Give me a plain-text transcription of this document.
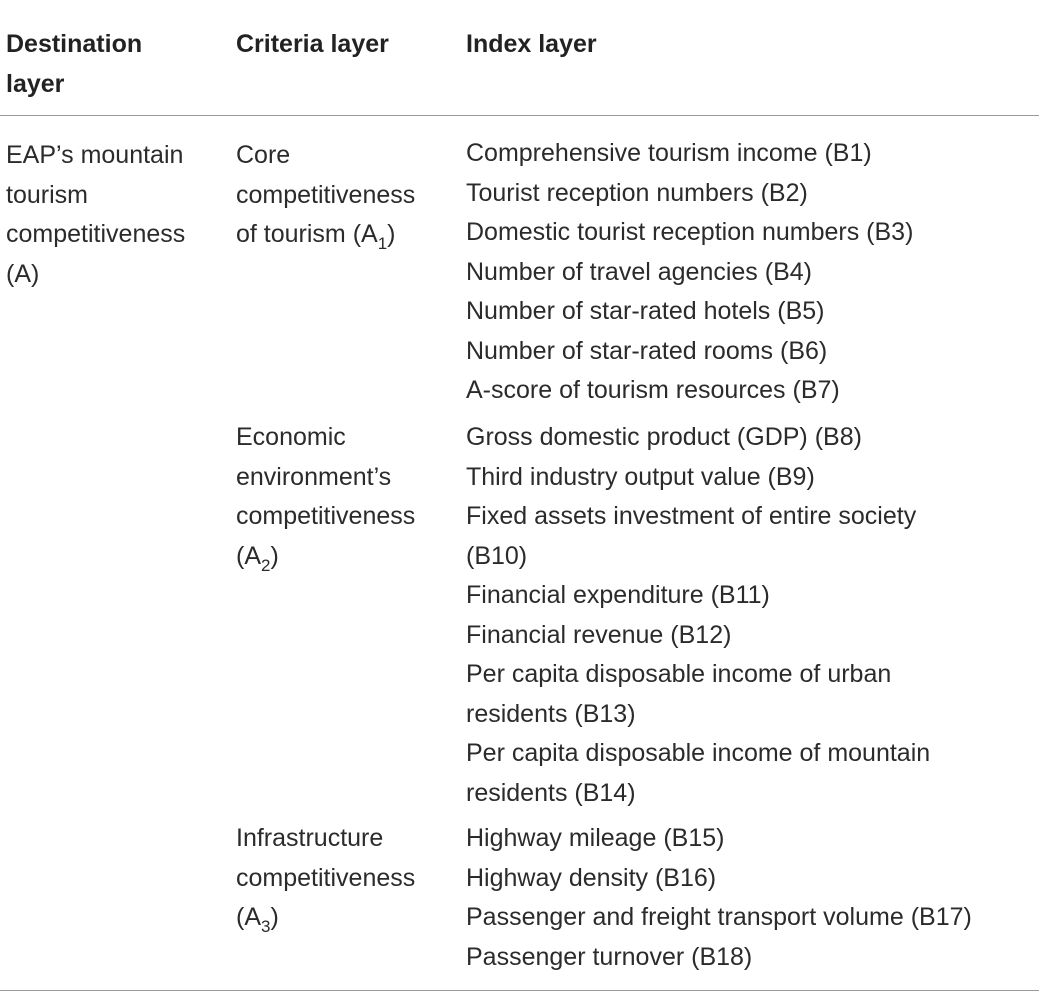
Destination
layer
Criteria layer	Index layer
EAP’s mountain
tourism
competitiveness
(A)
Core
competitiveness
of tourism $(A_1)$
Comprehensive tourism income (B1)
Tourist reception numbers (B2)
Domestic tourist reception numbers (B3)
Number of travel agencies (B4)
Number of star-rated hotels (B5)
Number of star-rated rooms (B6)
A-score of tourism resources (B7)
Economic
environment’s
competitiveness
$(A_2)$
Gross domestic product (GDP) (B8)
Third industry output value (B9)
Fixed assets investment of entire society
(B10)
Financial expenditure (B11)
Financial revenue (B12)
Per capita disposable income of urban
residents (B13)
Per capita disposable income of mountain
residents (B14)
Infrastructure
competitiveness
$(A_3)$
Highway mileage (B15)
Highway density (B16)
Passenger and freight transport volume (B17)
Passenger turnover (B18)
